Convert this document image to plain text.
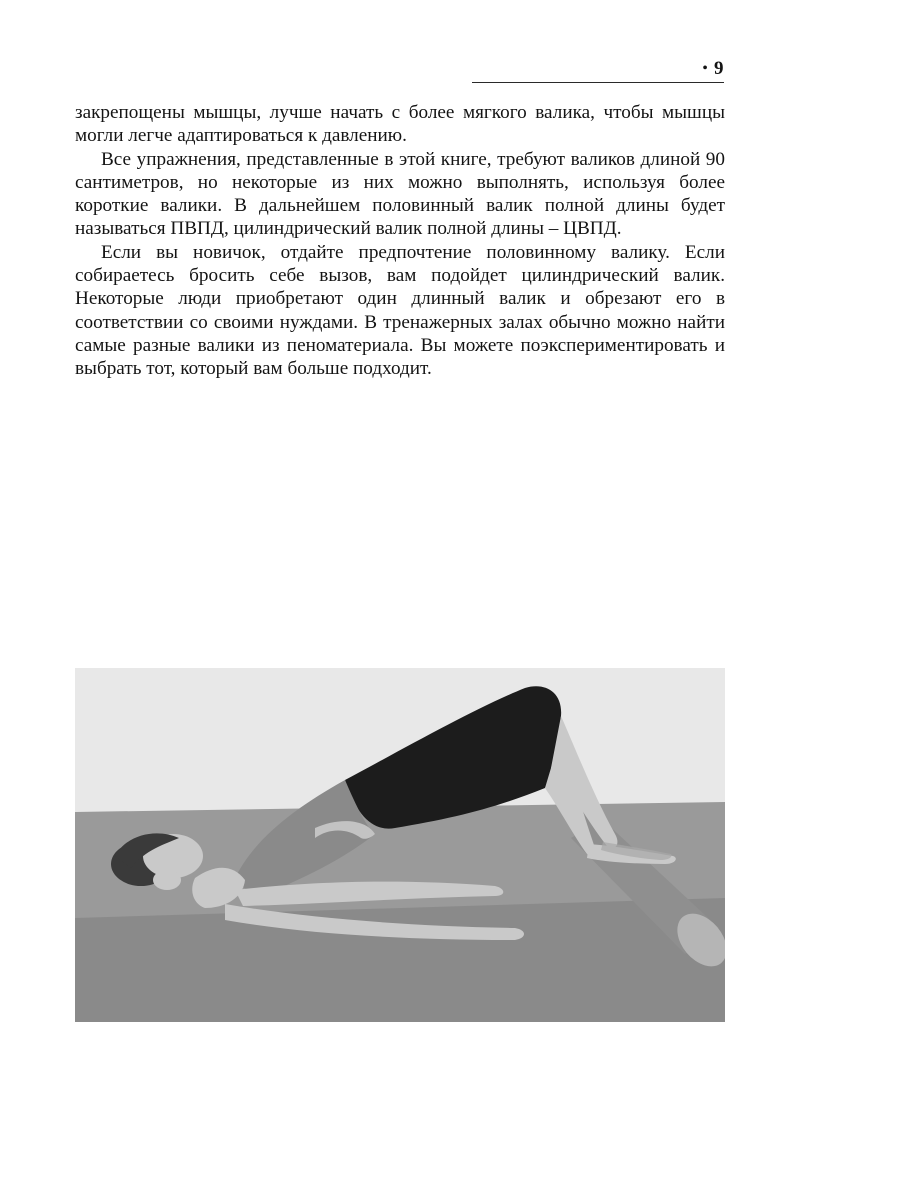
• 9

закрепощены мышцы, лучше начать с более мягкого валика, чтобы мышцы могли легче адаптироваться к давлению.

Все упражнения, представленные в этой книге, требуют валиков длиной 90 сантиметров, но некоторые из них можно выполнять, используя более короткие валики. В дальнейшем половинный валик полной длины будет называться ПВПД, цилиндрический валик полной длины – ЦВПД.

Если вы новичок, отдайте предпочтение половинному валику. Если собираетесь бросить себе вызов, вам подойдет цилиндрический валик. Некоторые люди приобретают один длинный валик и обрезают его в соответствии со своими нуждами. В тренажерных залах обычно можно найти самые разные валики из пеноматериала. Вы можете поэкспериментировать и выбрать тот, который вам больше подходит.
